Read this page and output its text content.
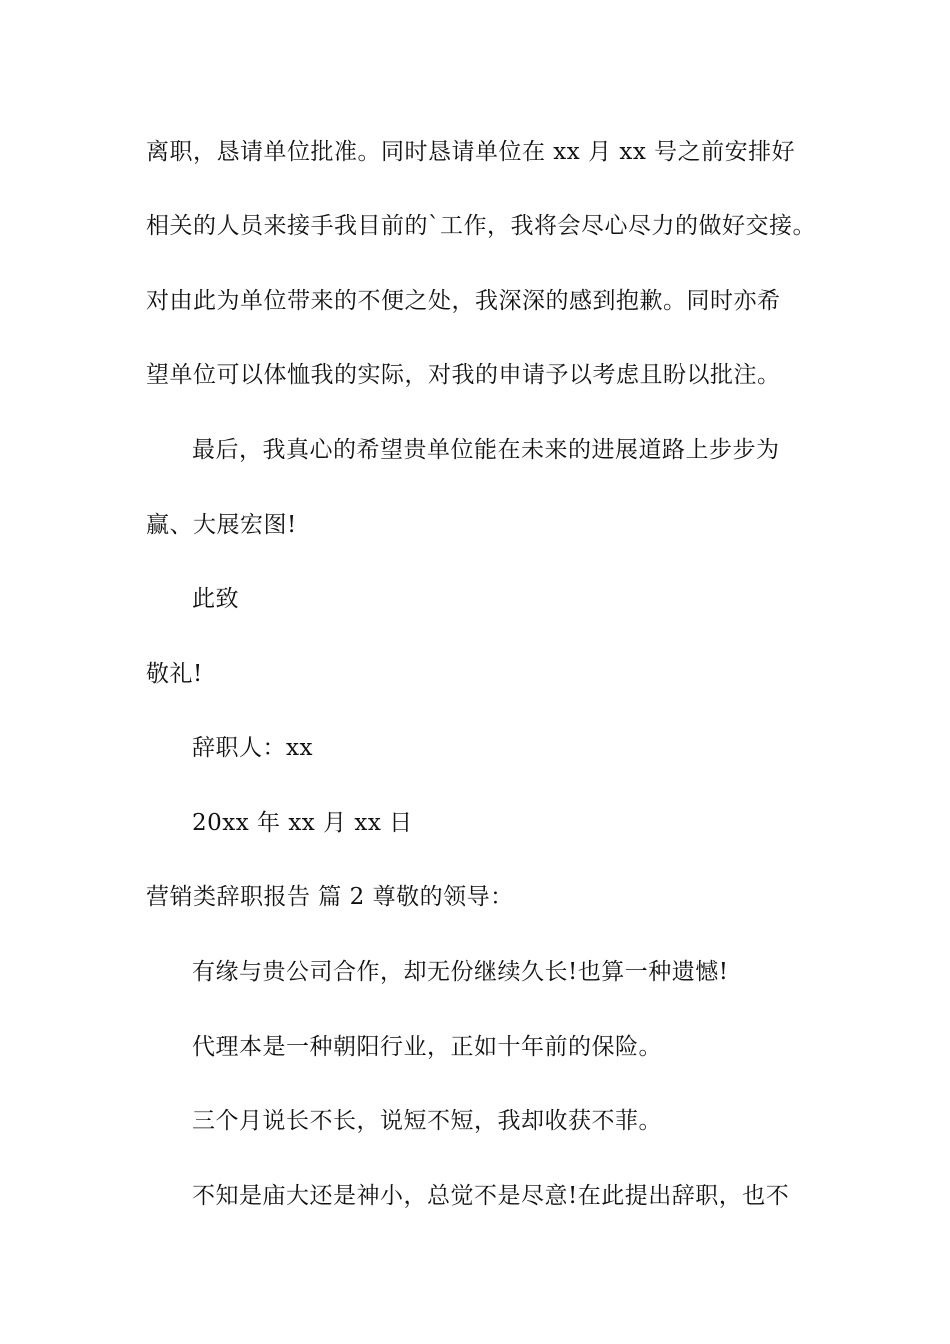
离职，恳请单位批准。同时恳请单位在 xx 月 xx 号之前安排好
相关的人员来接手我目前的`工作，我将会尽心尽力的做好交接。
对由此为单位带来的不便之处，我深深的感到抱歉。同时亦希
望单位可以体恤我的实际，对我的申请予以考虑且盼以批注。
最后，我真心的希望贵单位能在未来的进展道路上步步为
赢、大展宏图!
此致
敬礼!
辞职人：xx
20xx 年 xx 月 xx 日
营销类辞职报告 篇 2 尊敬的领导：
有缘与贵公司合作，却无份继续久长!也算一种遗憾!
代理本是一种朝阳行业，正如十年前的保险。
三个月说长不长，说短不短，我却收获不菲。
不知是庙大还是神小，总觉不是尽意!在此提出辞职，也不
